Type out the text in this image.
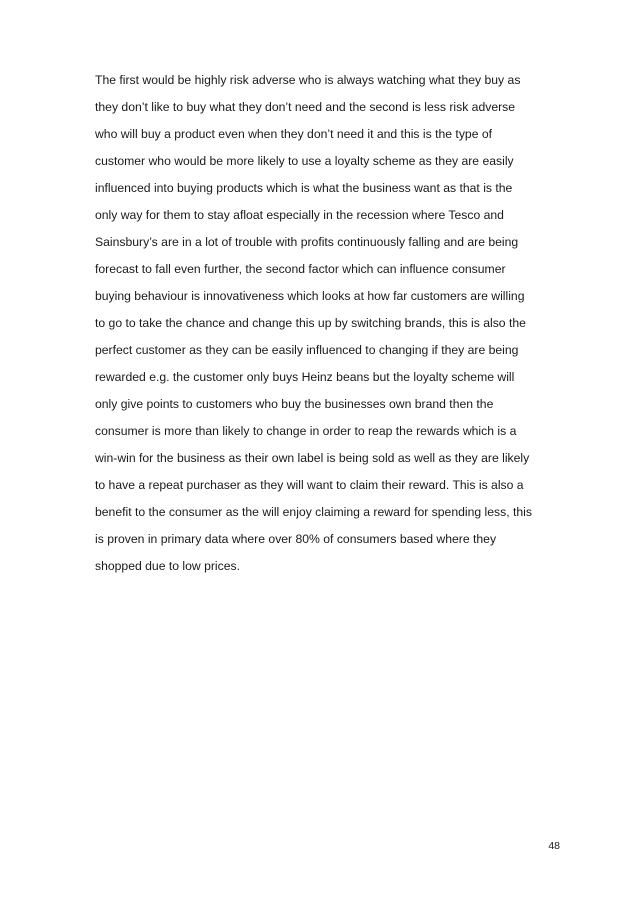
The first would be highly risk adverse who is always watching what they buy as
they don’t like to buy what they don’t need and the second is less risk adverse
who will buy a product even when they don’t need it and this is the type of
customer who would be more likely to use a loyalty scheme as they are easily
influenced into buying products which is what the business want as that is the
only way for them to stay afloat especially in the recession where Tesco and
Sainsbury’s are in a lot of trouble with profits continuously falling and are being
forecast to fall even further, the second factor which can influence consumer
buying behaviour is innovativeness which looks at how far customers are willing
to go to take the chance and change this up by switching brands, this is also the
perfect customer as they can be easily influenced to changing if they are being
rewarded e.g. the customer only buys Heinz beans but the loyalty scheme will
only give points to customers who buy the businesses own brand then the
consumer is more than likely to change in order to reap the rewards which is a
win-win for the business as their own label is being sold as well as they are likely
to have a repeat purchaser as they will want to claim their reward. This is also a
benefit to the consumer as the will enjoy claiming a reward for spending less, this
is proven in primary data where over 80% of consumers based where they
shopped due to low prices.
48
